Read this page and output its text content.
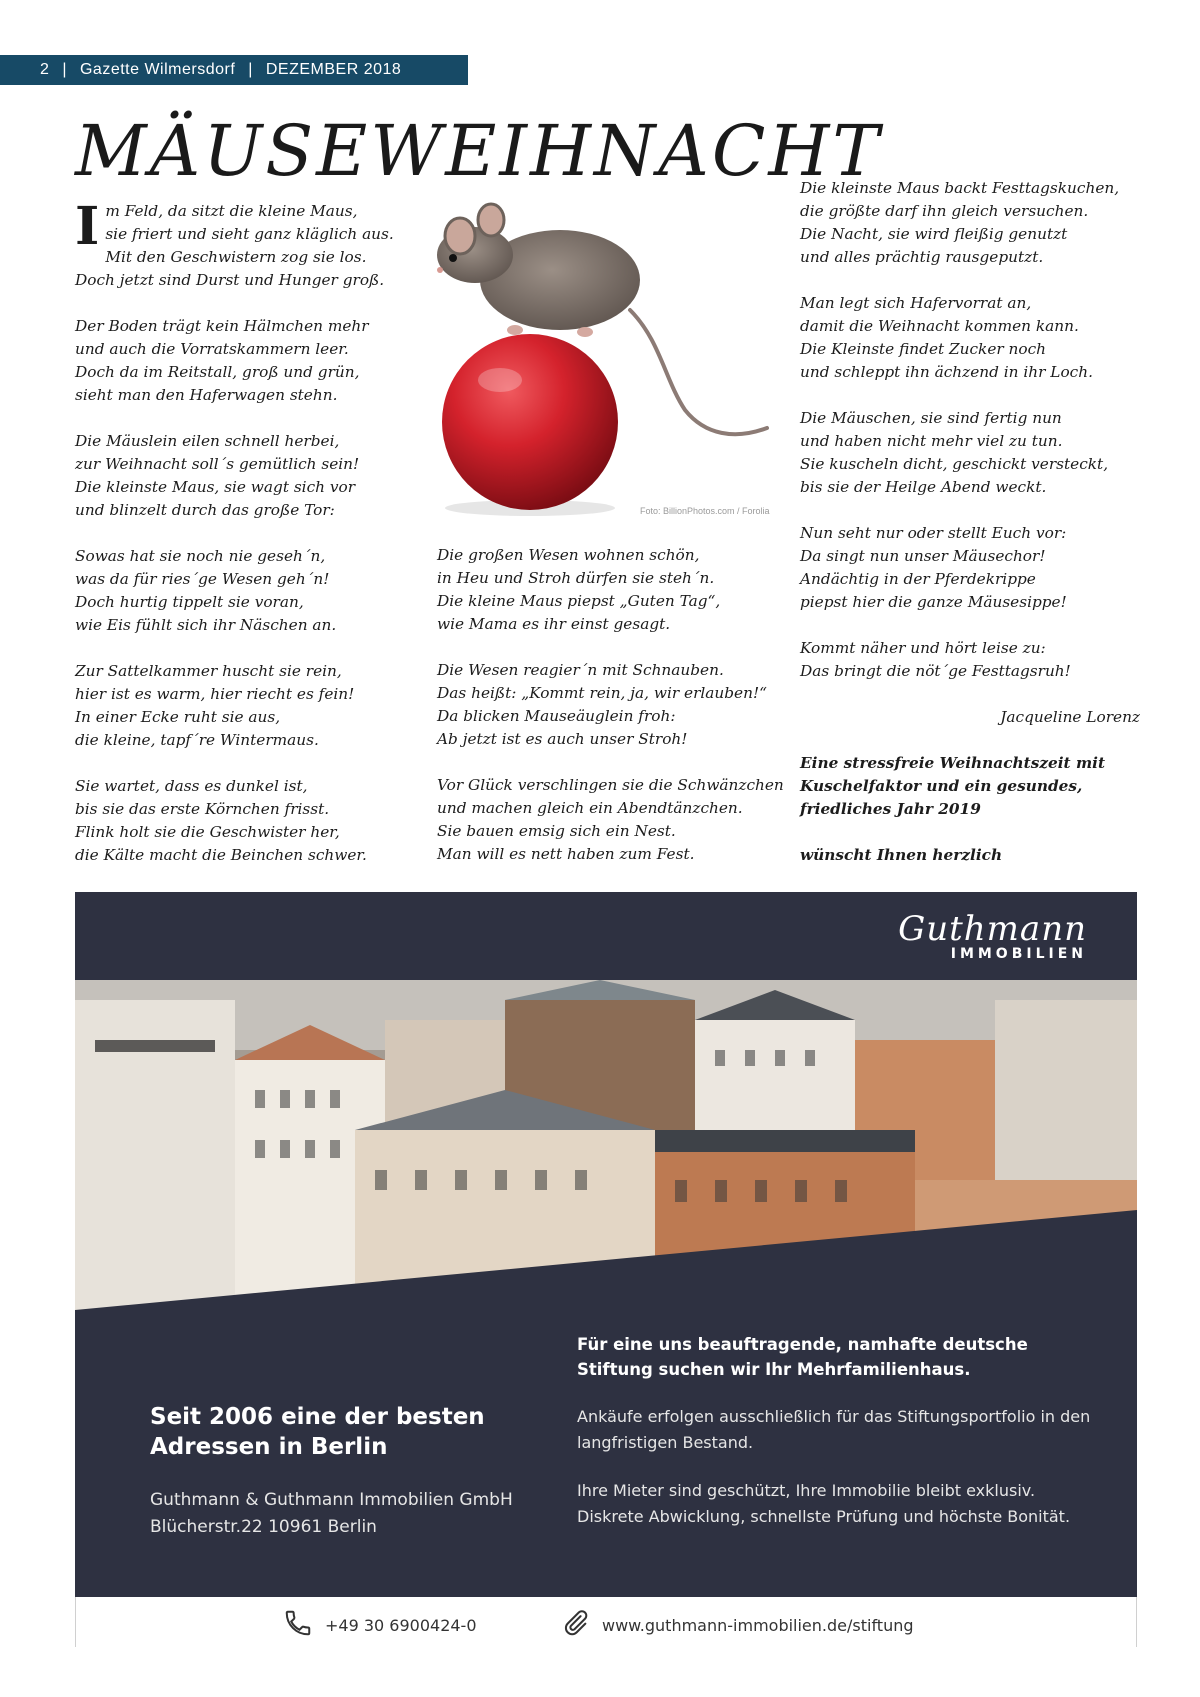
2 | Gazette Wilmersdorf | DEZEMBER 2018
MÄUSEWEIHNACHT

Im Feld, da sitzt die kleine Maus,
sie friert und sieht ganz kläglich aus.
Mit den Geschwistern zog sie los.
Doch jetzt sind Durst und Hunger groß.

Der Boden trägt kein Hälmchen mehr
und auch die Vorratskammern leer.
Doch da im Reitstall, groß und grün,
sieht man den Haferwagen stehn.

Die Mäuslein eilen schnell herbei,
zur Weihnacht soll´s gemütlich sein!
Die kleinste Maus, sie wagt sich vor
und blinzelt durch das große Tor:

Sowas hat sie noch nie geseh´n,
was da für ries´ge Wesen geh´n!
Doch hurtig tippelt sie voran,
wie Eis fühlt sich ihr Näschen an.

Zur Sattelkammer huscht sie rein,
hier ist es warm, hier riecht es fein!
In einer Ecke ruht sie aus,
die kleine, tapf´re Wintermaus.

Sie wartet, dass es dunkel ist,
bis sie das erste Körnchen frisst.
Flink holt sie die Geschwister her,
die Kälte macht die Beinchen schwer.

Foto: BillionPhotos.com / Forolia

Die großen Wesen wohnen schön,
in Heu und Stroh dürfen sie steh´n.
Die kleine Maus piepst „Guten Tag“,
wie Mama es ihr einst gesagt.

Die Wesen reagier´n mit Schnauben.
Das heißt: „Kommt rein, ja, wir erlauben!“
Da blicken Mauseäuglein froh:
Ab jetzt ist es auch unser Stroh!

Vor Glück verschlingen sie die Schwänzchen
und machen gleich ein Abendtänzchen.
Sie bauen emsig sich ein Nest.
Man will es nett haben zum Fest.

Die kleinste Maus backt Festtagskuchen,
die größte darf ihn gleich versuchen.
Die Nacht, sie wird fleißig genutzt
und alles prächtig rausgeputzt.

Man legt sich Hafervorrat an,
damit die Weihnacht kommen kann.
Die Kleinste findet Zucker noch
und schleppt ihn ächzend in ihr Loch.

Die Mäuschen, sie sind fertig nun
und haben nicht mehr viel zu tun.
Sie kuscheln dicht, geschickt versteckt,
bis sie der Heilge Abend weckt.

Nun seht nur oder stellt Euch vor:
Da singt nun unser Mäusechor!
Andächtig in der Pferdekrippe
piepst hier die ganze Mäusesippe!

Kommt näher und hört leise zu:
Das bringt die nöt´ge Festtagsruh!

Jacqueline Lorenz

Eine stressfreie Weihnachtszeit mit Kuschelfaktor und ein gesundes, friedliches Jahr 2019

wünscht Ihnen herzlich

Guthmann
IMMOBILIEN
Seit 2006 eine der besten Adressen in Berlin

Guthmann & Guthmann Immobilien GmbH

Blücherstr.22 10961 Berlin

Für eine uns beauftragende, namhafte deutsche Stiftung suchen wir Ihr Mehrfamilienhaus.

Ankäufe erfolgen ausschließlich für das Stiftungsportfolio in den langfristigen Bestand.

Ihre Mieter sind geschützt, Ihre Immobilie bleibt exklusiv. Diskrete Abwicklung, schnellste Prüfung und höchste Bonität.

+49 30 6900424-0	www.guthmann-immobilien.de/stiftung
